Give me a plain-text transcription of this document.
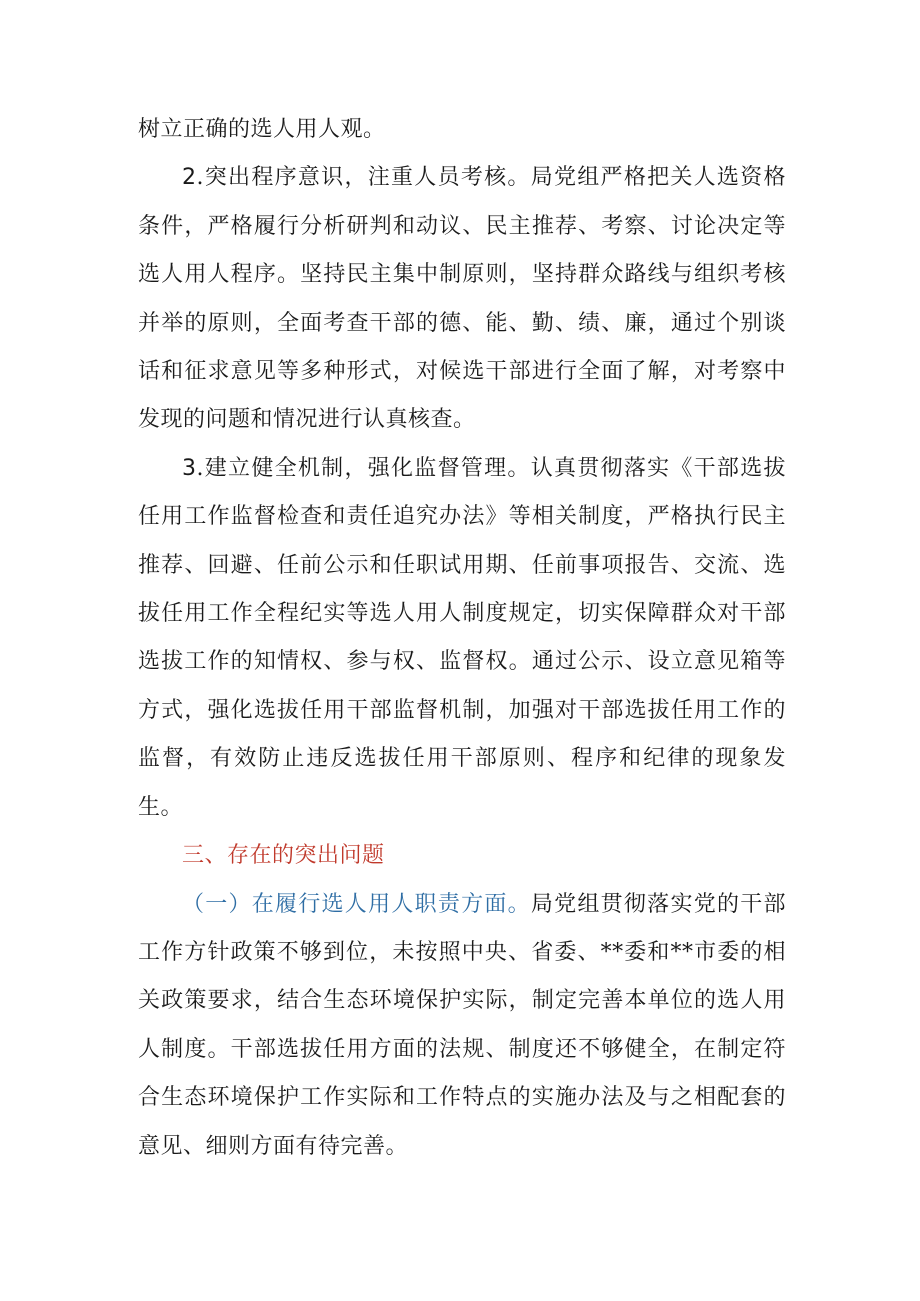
树立正确的选人用人观。

2.突出程序意识，注重人员考核。局党组严格把关人选资格条件，严格履行分析研判和动议、民主推荐、考察、讨论决定等选人用人程序。坚持民主集中制原则，坚持群众路线与组织考核并举的原则，全面考查干部的德、能、勤、绩、廉，通过个别谈话和征求意见等多种形式，对候选干部进行全面了解，对考察中发现的问题和情况进行认真核查。

3.建立健全机制，强化监督管理。认真贯彻落实《干部选拔任用工作监督检查和责任追究办法》等相关制度，严格执行民主推荐、回避、任前公示和任职试用期、任前事项报告、交流、选拔任用工作全程纪实等选人用人制度规定，切实保障群众对干部选拔工作的知情权、参与权、监督权。通过公示、设立意见箱等方式，强化选拔任用干部监督机制，加强对干部选拔任用工作的监督，有效防止违反选拔任用干部原则、程序和纪律的现象发生。

三、存在的突出问题

（一）在履行选人用人职责方面。局党组贯彻落实党的干部工作方针政策不够到位，未按照中央、省委、**委和**市委的相关政策要求，结合生态环境保护实际，制定完善本单位的选人用人制度。干部选拔任用方面的法规、制度还不够健全，在制定符合生态环境保护工作实际和工作特点的实施办法及与之相配套的意见、细则方面有待完善。
